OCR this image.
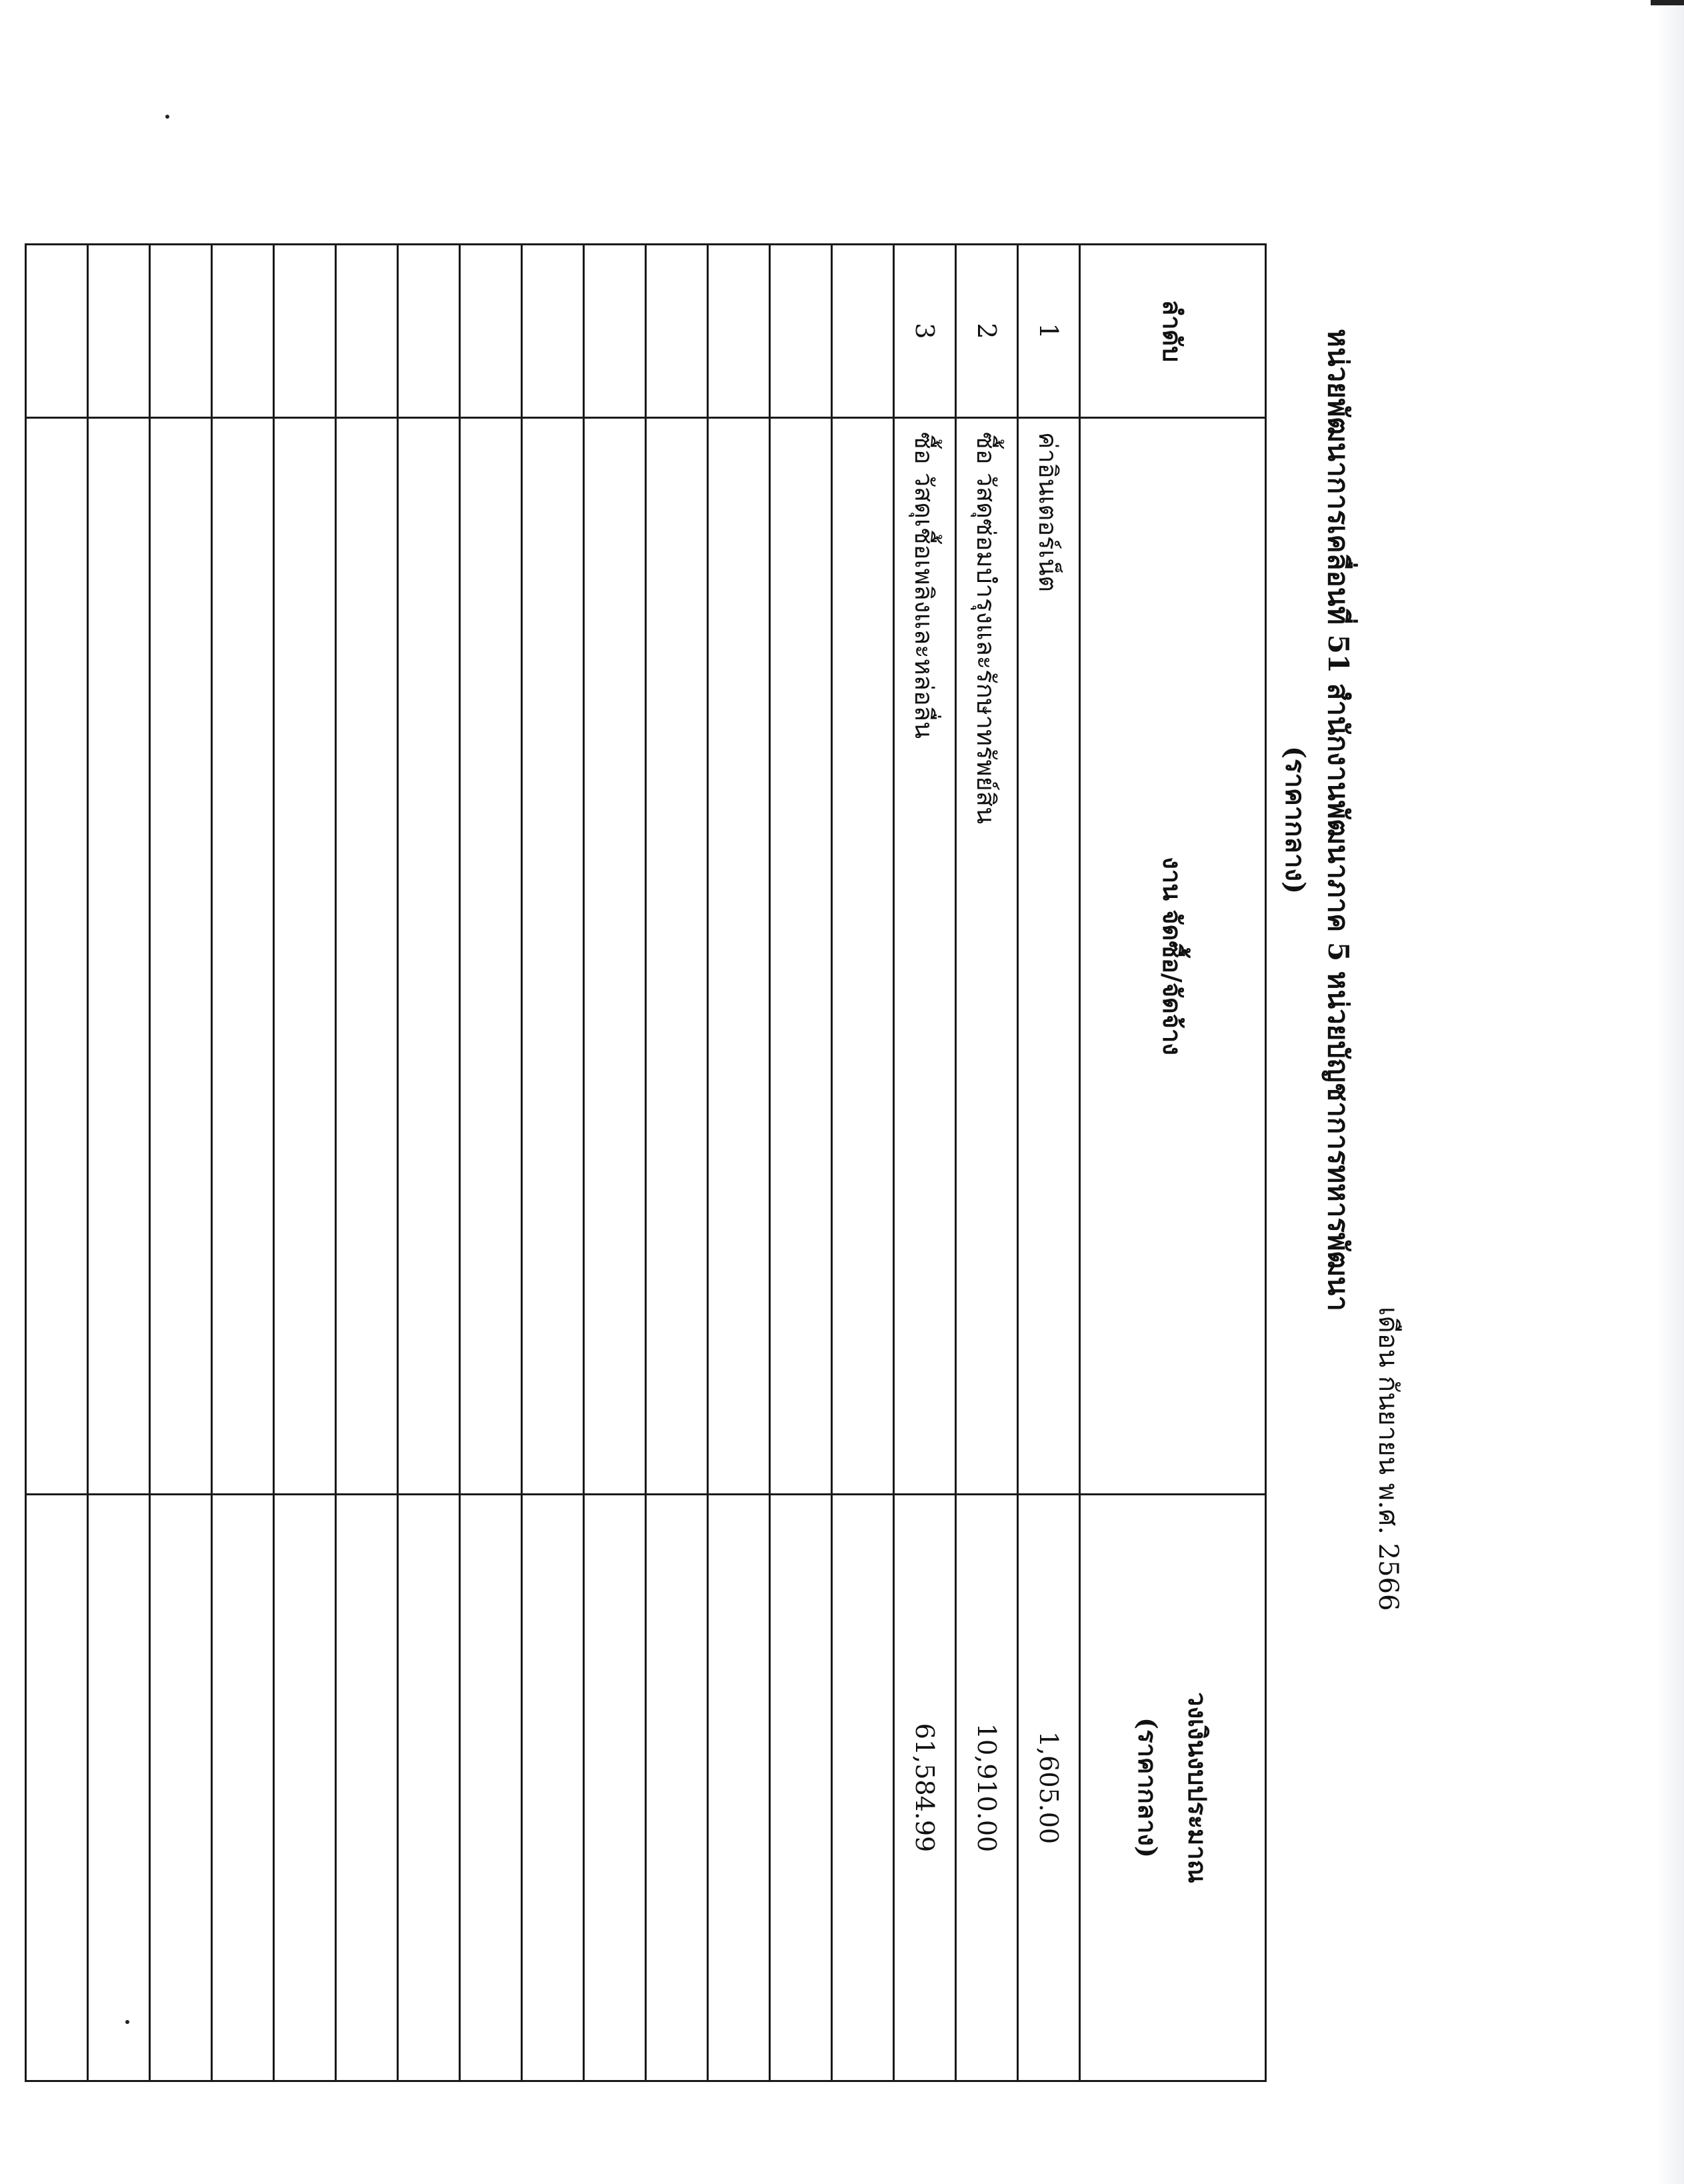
เดือน กันยายน พ.ศ. 2566
หน่วยพัฒนาการเคลื่อนที่ 51 สำนักงานพัฒนาภาค 5 หน่วยบัญชาการทหารพัฒนา
(ราคากลาง)
ลำดับ	งาน จัดซื้อ/จัดจ้าง	วงเงินงบประมาณ
(ราคากลาง)

1	ค่าอินเตอร์เน็ต	1,605.00
2	ซื้อ วัสดุซ่อมบำรุงและรักษาทรัพย์สิน	10,910.00
3	ซื้อ วัสดุเชื้อเพลิงและหล่อลื่น	61,584.99
